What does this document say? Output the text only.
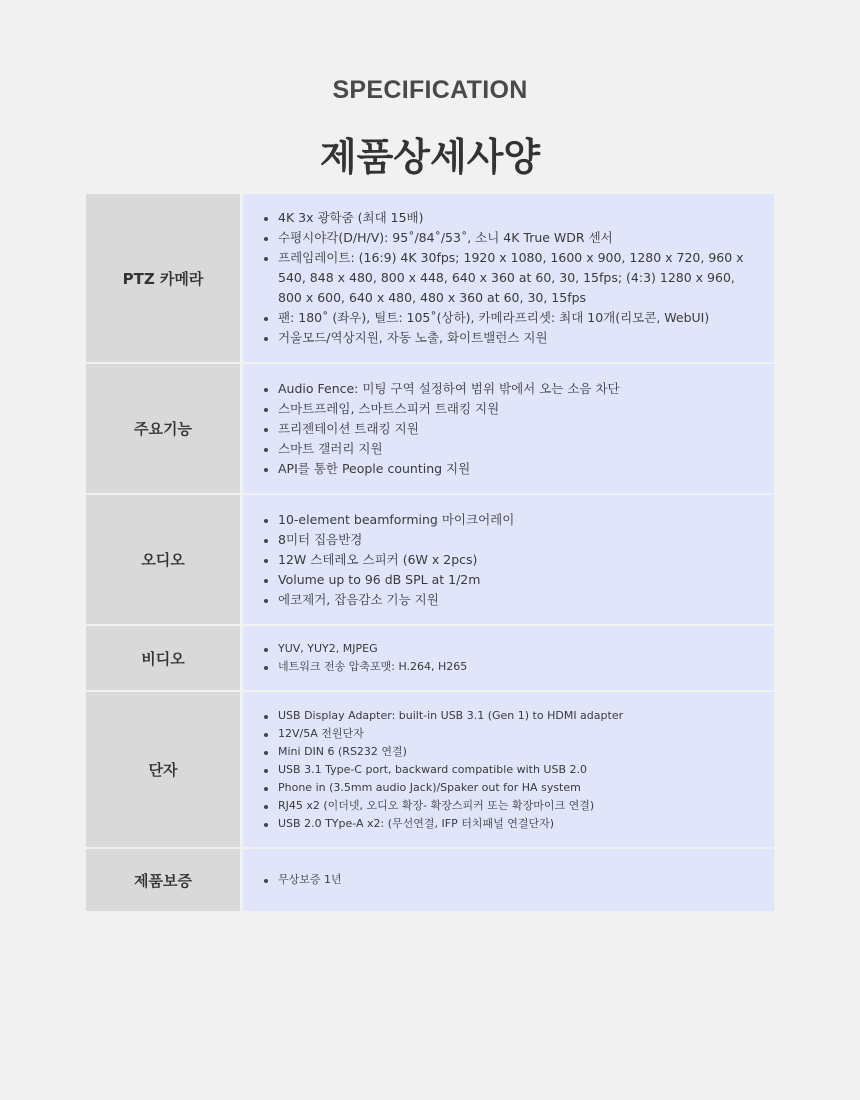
SPECIFICATION
제품상세사양
PTZ 카메라
4K 3x 광학줌 (최대 15배)
수평시야각(D/H/V): 95˚/84˚/53˚, 소니 4K True WDR 센서
프레임레이트: (16:9) 4K 30fps; 1920 x 1080, 1600 x 900, 1280 x 720, 960 x 540, 848 x 480, 800 x 448, 640 x 360 at 60, 30, 15fps; (4:3) 1280 x 960, 800 x 600, 640 x 480, 480 x 360 at 60, 30, 15fps
팬: 180˚ (좌우), 틸트: 105˚(상하), 카메라프리셋: 최대 10개(리모콘, WebUI)
거울모드/역상지원, 자동 노출, 화이트밸런스 지원
주요기능
Audio Fence: 미팅 구역 설정하여 범위 밖에서 오는 소음 차단
스마트프레임, 스마트스피커 트래킹 지원
프리젠테이션 트래킹 지원
스마트 갤러리 지원
API를 통한 People counting 지원
오디오
10-element beamforming 마이크어레이
8미터 집음반경
12W 스테레오 스피커 (6W x 2pcs)
Volume up to 96 dB SPL at 1/2m
에코제거, 잡음감소 기능 지원
비디오
YUV, YUY2, MJPEG
네트워크 전송 압축포맷: H.264, H265
단자
USB Display Adapter: built-in USB 3.1 (Gen 1) to HDMI adapter
12V/5A 전원단자
Mini DIN 6 (RS232 연결)
USB 3.1 Type-C port, backward compatible with USB 2.0
Phone in (3.5mm audio Jack)/Spaker out for HA system
RJ45 x2 (이더넷, 오디오 확장- 확장스피커 또는 확장마이크 연결)
USB 2.0 TYpe-A x2: (무선연결, IFP 터치패널 연결단자)
제품보증	무상보증 1년
